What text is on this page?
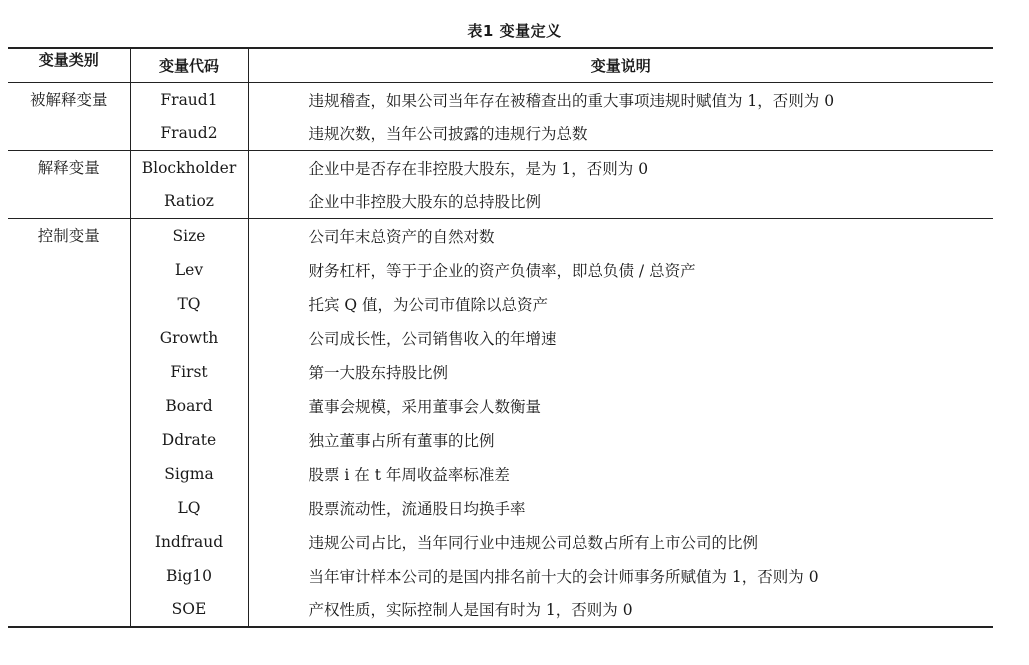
表1 变量定义
变量类别	变量代码	变量说明

被解释变量	Fraud1	违规稽查，如果公司当年存在被稽查出的重大事项违规时赋值为 1，否则为 0
	Fraud2	违规次数，当年公司披露的违规行为总数

解释变量	Blockholder	企业中是否存在非控股大股东，是为 1，否则为 0
	Ratioz	企业中非控股大股东的总持股比例

控制变量	Size	公司年末总资产的自然对数
	Lev	财务杠杆，等于于企业的资产负债率，即总负债 / 总资产
	TQ	托宾 Q 值，为公司市值除以总资产
	Growth	公司成长性，公司销售收入的年增速
	First	第一大股东持股比例
	Board	董事会规模，采用董事会人数衡量
	Ddrate	独立董事占所有董事的比例
	Sigma	股票 i 在 t 年周收益率标准差
	LQ	股票流动性，流通股日均换手率
	Indfraud	违规公司占比，当年同行业中违规公司总数占所有上市公司的比例
	Big10	当年审计样本公司的是国内排名前十大的会计师事务所赋值为 1，否则为 0
	SOE	产权性质，实际控制人是国有时为 1，否则为 0
